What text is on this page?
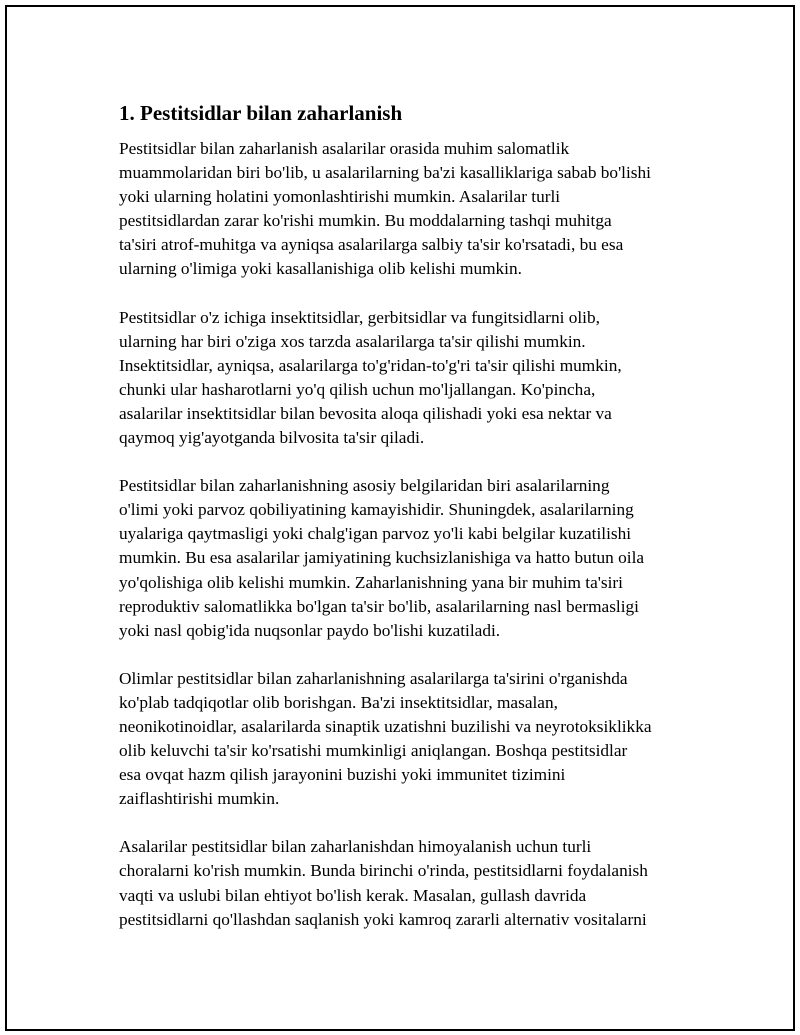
1. Pestitsidlar bilan zaharlanish

Pestitsidlar bilan zaharlanish asalarilar orasida muhim salomatlik
muammolaridan biri bo'lib, u asalarilarning ba'zi kasalliklariga sabab bo'lishi
yoki ularning holatini yomonlashtirishi mumkin. Asalarilar turli
pestitsidlardan zarar ko'rishi mumkin. Bu moddalarning tashqi muhitga
ta'siri atrof-muhitga va ayniqsa asalarilarga salbiy ta'sir ko'rsatadi, bu esa
ularning o'limiga yoki kasallanishiga olib kelishi mumkin.

Pestitsidlar o'z ichiga insektitsidlar, gerbitsidlar va fungitsidlarni olib,
ularning har biri o'ziga xos tarzda asalarilarga ta'sir qilishi mumkin.
Insektitsidlar, ayniqsa, asalarilarga to'g'ridan-to'g'ri ta'sir qilishi mumkin,
chunki ular hasharotlarni yo'q qilish uchun mo'ljallangan. Ko'pincha,
asalarilar insektitsidlar bilan bevosita aloqa qilishadi yoki esa nektar va
qaymoq yig'ayotganda bilvosita ta'sir qiladi.

Pestitsidlar bilan zaharlanishning asosiy belgilaridan biri asalarilarning
o'limi yoki parvoz qobiliyatining kamayishidir. Shuningdek, asalarilarning
uyalariga qaytmasligi yoki chalg'igan parvoz yo'li kabi belgilar kuzatilishi
mumkin. Bu esa asalarilar jamiyatining kuchsizlanishiga va hatto butun oila
yo'qolishiga olib kelishi mumkin. Zaharlanishning yana bir muhim ta'siri
reproduktiv salomatlikka bo'lgan ta'sir bo'lib, asalarilarning nasl bermasligi
yoki nasl qobig'ida nuqsonlar paydo bo'lishi kuzatiladi.

Olimlar pestitsidlar bilan zaharlanishning asalarilarga ta'sirini o'rganishda
ko'plab tadqiqotlar olib borishgan. Ba'zi insektitsidlar, masalan,
neonikotinoidlar, asalarilarda sinaptik uzatishni buzilishi va neyrotoksiklikka
olib keluvchi ta'sir ko'rsatishi mumkinligi aniqlangan. Boshqa pestitsidlar
esa ovqat hazm qilish jarayonini buzishi yoki immunitet tizimini
zaiflashtirishi mumkin.

Asalarilar pestitsidlar bilan zaharlanishdan himoyalanish uchun turli
choralarni ko'rish mumkin. Bunda birinchi o'rinda, pestitsidlarni foydalanish
vaqti va uslubi bilan ehtiyot bo'lish kerak. Masalan, gullash davrida
pestitsidlarni qo'llashdan saqlanish yoki kamroq zararli alternativ vositalarni
